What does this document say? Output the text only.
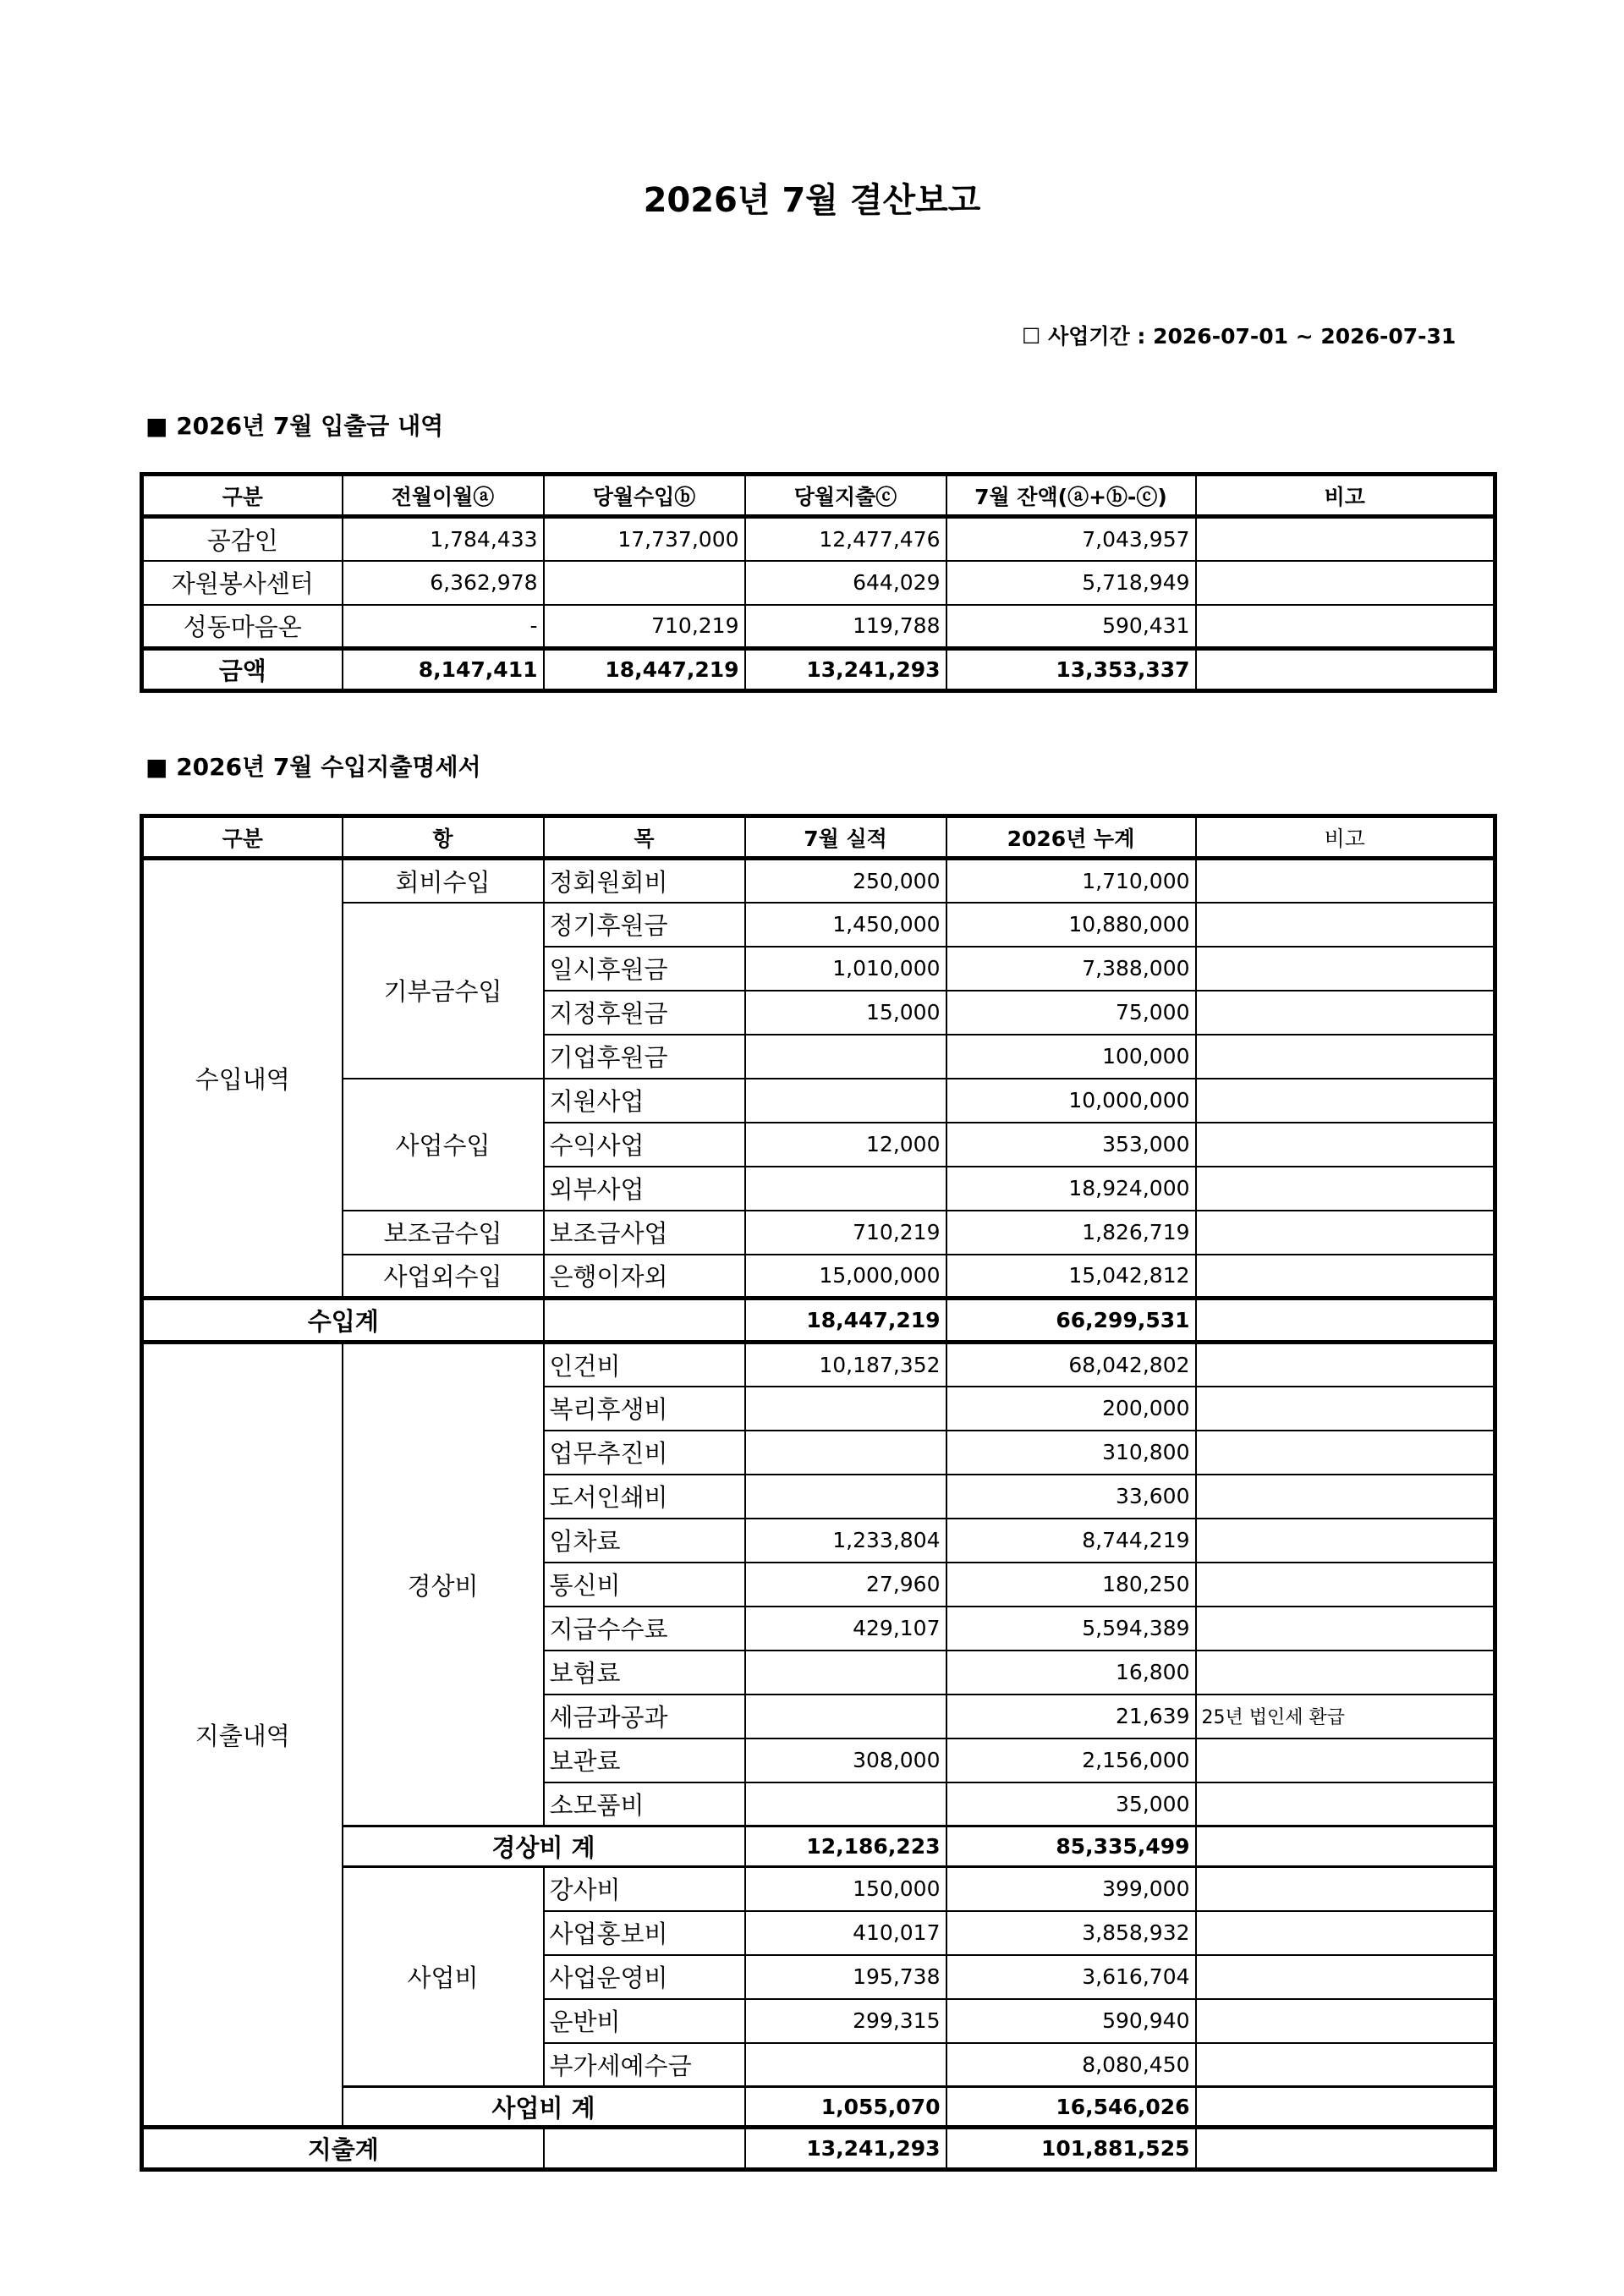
2026년 7월 결산보고
☐ 사업기간 : 2026-07-01 ~ 2026-07-31
■ 2026년 7월 입출금 내역
구분	전월이월ⓐ	당월수입ⓑ	당월지출ⓒ	7월 잔액(ⓐ+ⓑ-ⓒ)	비고
공감인	1,784,433	17,737,000	12,477,476	7,043,957	
자원봉사센터	6,362,978		644,029	5,718,949	
성동마음온	-	710,219	119,788	590,431	
금액	8,147,411	18,447,219	13,241,293	13,353,337	
■ 2026년 7월 수입지출명세서
구분	항	목	7월 실적	2026년 누계	비고
수입내역	회비수입	정회원회비	250,000	1,710,000	
	기부금수입	정기후원금	1,450,000	10,880,000	
		일시후원금	1,010,000	7,388,000	
		지정후원금	15,000	75,000	
		기업후원금		100,000	
	사업수입	지원사업		10,000,000	
		수익사업	12,000	353,000	
		외부사업		18,924,000	
	보조금수입	보조금사업	710,219	1,826,719	
	사업외수입	은행이자외	15,000,000	15,042,812	
수입계			18,447,219	66,299,531	
지출내역	경상비	인건비	10,187,352	68,042,802	
		복리후생비		200,000	
		업무추진비		310,800	
		도서인쇄비		33,600	
		임차료	1,233,804	8,744,219	
		통신비	27,960	180,250	
		지급수수료	429,107	5,594,389	
		보험료		16,800	
		세금과공과		21,639	25년 법인세 환급
		보관료	308,000	2,156,000	
		소모품비		35,000	
	경상비 계		12,186,223	85,335,499	
	사업비	강사비	150,000	399,000	
		사업홍보비	410,017	3,858,932	
		사업운영비	195,738	3,616,704	
		운반비	299,315	590,940	
		부가세예수금		8,080,450	
	사업비 계		1,055,070	16,546,026	
지출계			13,241,293	101,881,525	
